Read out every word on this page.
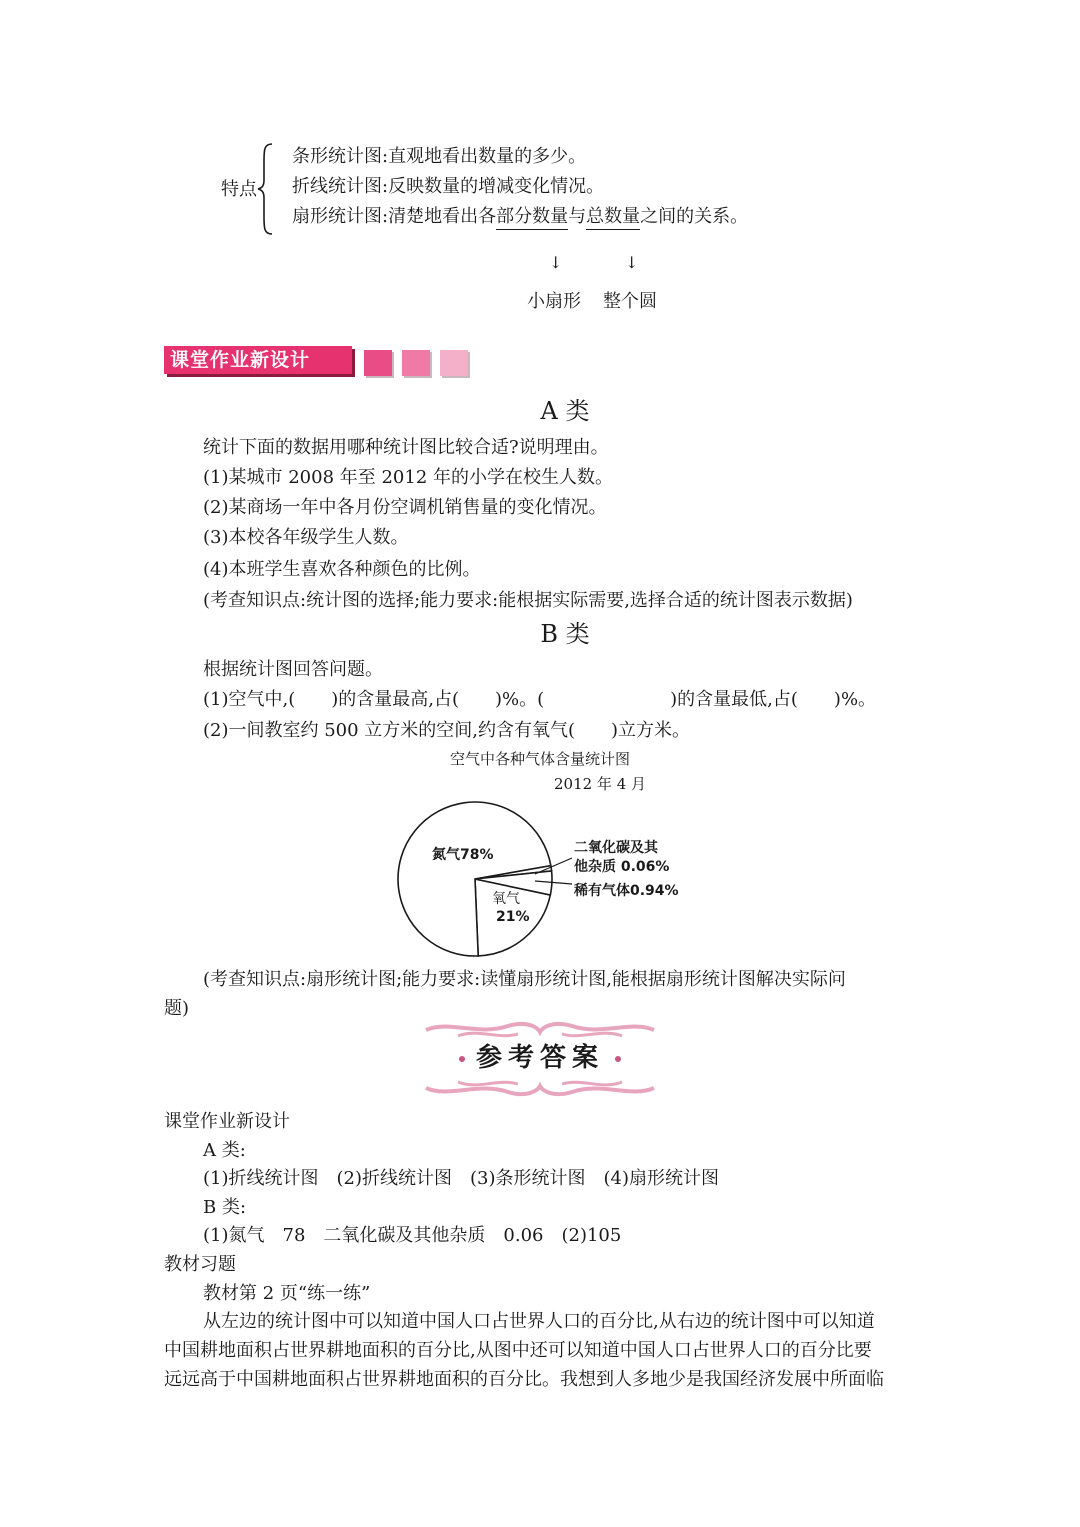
特点
条形统计图:直观地看出数量的多少。
折线统计图:反映数量的增减变化情况。
扇形统计图:清楚地看出各部分数量与总数量之间的关系。
↓	↓
小扇形 整个圆
课堂作业新设计
A 类
统计下面的数据用哪种统计图比较合适?说明理由。
(1)某城市 2008 年至 2012 年的小学在校生人数。
(2)某商场一年中各月份空调机销售量的变化情况。
(3)本校各年级学生人数。
(4)本班学生喜欢各种颜色的比例。
(考查知识点:统计图的选择;能力要求:能根据实际需要,选择合适的统计图表示数据)
B 类
根据统计图回答问题。
(1)空气中,(　　)的含量最高,占(　　)%。(　　　　　　　)的含量最低,占(　　)%。
(2)一间教室约 500 立方米的空间,约含有氧气(　　)立方米。
空气中各种气体含量统计图
2012 年 4 月
氮气78%
氧气
21%
二氧化碳及其
他杂质 0.06%
稀有气体0.94%
(考查知识点:扇形统计图;能力要求:读懂扇形统计图,能根据扇形统计图解决实际问
题)
参考答案
课堂作业新设计
A 类:
(1)折线统计图　(2)折线统计图　(3)条形统计图　(4)扇形统计图
B 类:
(1)氮气　78　二氧化碳及其他杂质　0.06　(2)105
教材习题
教材第 2 页“练一练”
从左边的统计图中可以知道中国人口占世界人口的百分比,从右边的统计图中可以知道
中国耕地面积占世界耕地面积的百分比,从图中还可以知道中国人口占世界人口的百分比要
远远高于中国耕地面积占世界耕地面积的百分比。我想到人多地少是我国经济发展中所面临
